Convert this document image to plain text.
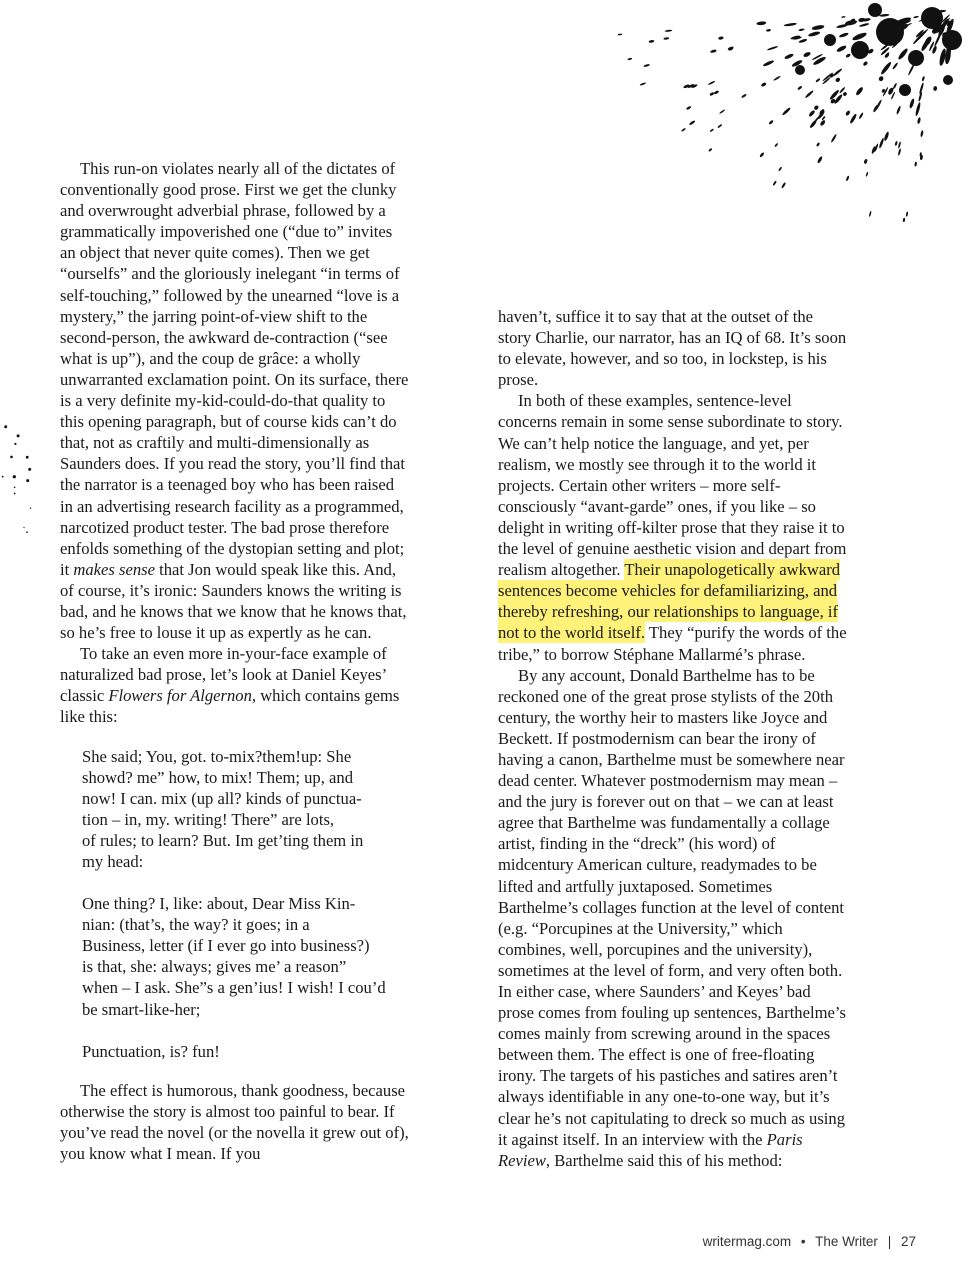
This run-on violates nearly all of the dictates of conventionally good prose. First we get the clunky and overwrought adverbial phrase, followed by a grammatically impoverished one (“due to” invites an object that never quite comes). Then we get “ourselfs” and the gloriously inelegant “in terms of self-touching,” followed by the unearned “love is a mystery,” the jarring point-of-view shift to the second-person, the awkward de-contraction (“see what is up”), and the coup de grâce: a wholly unwarranted exclamation point. On its surface, there is a very definite my-kid-could-do-that quality to this opening paragraph, but of course kids can’t do that, not as craftily and multi-dimensionally as Saunders does. If you read the story, you’ll find that the narrator is a teenaged boy who has been raised in an advertising research facility as a programmed, narcotized product tester. The bad prose therefore enfolds something of the dystopian setting and plot; it makes sense that Jon would speak like this. And, of course, it’s ironic: Saunders knows the writing is bad, and he knows that we know that he knows that, so he’s free to louse it up as expertly as he can.

To take an even more in-your-face example of naturalized bad prose, let’s look at Daniel Keyes’ classic Flowers for Algernon, which contains gems like this:

She said; You, got. to-mix?them!up: She
showd? me” how, to mix! Them; up, and
now! I can. mix (up all? kinds of punctua-
tion – in, my. writing! There” are lots,
of rules; to learn? But. Im get’ting them in
my head:
One thing? I, like: about, Dear Miss Kin-
nian: (that’s, the way? it goes; in a
Business, letter (if I ever go into business?)
is that, she: always; gives me’ a reason”
when – I ask. She”s a gen’ius! I wish! I cou’d
be smart-like-her;
Punctuation, is? fun!

The effect is humorous, thank goodness, because otherwise the story is almost too painful to bear. If you’ve read the novel (or the novella it grew out of), you know what I mean. If you

haven’t, suffice it to say that at the outset of the story Charlie, our narrator, has an IQ of 68. It’s soon to elevate, however, and so too, in lockstep, is his prose.

In both of these examples, sentence-level concerns remain in some sense subordinate to story. We can’t help notice the language, and yet, per realism, we mostly see through it to the world it projects. Certain other writers – more self-consciously “avant-garde” ones, if you like – so delight in writing off-kilter prose that they raise it to the level of genuine aesthetic vision and depart from realism altogether. Their unapologetically awkward sentences become vehicles for defamiliarizing, and thereby refreshing, our relationships to language, if not to the world itself. They “purify the words of the tribe,” to borrow Stéphane Mallarmé’s phrase.

By any account, Donald Barthelme has to be reckoned one of the great prose stylists of the 20th century, the worthy heir to masters like Joyce and Beckett. If postmodernism can bear the irony of having a canon, Barthelme must be somewhere near dead center. Whatever postmodernism may mean – and the jury is forever out on that – we can at least agree that Barthelme was fundamentally a collage artist, finding in the “dreck” (his word) of midcentury American culture, readymades to be lifted and artfully juxtaposed. Sometimes Barthelme’s collages function at the level of content (e.g. “Porcupines at the University,” which combines, well, porcupines and the university), sometimes at the level of form, and very often both. In either case, where Saunders’ and Keyes’ bad prose comes from fouling up sentences, Barthelme’s comes mainly from screwing around in the spaces between them. The effect is one of free-floating irony. The targets of his pastiches and satires aren’t always identifiable in any one-to-one way, but it’s clear he’s not capitulating to dreck so much as using it against itself. In an interview with the Paris Review, Barthelme said this of his method:

writermag.com • The Writer | 27
